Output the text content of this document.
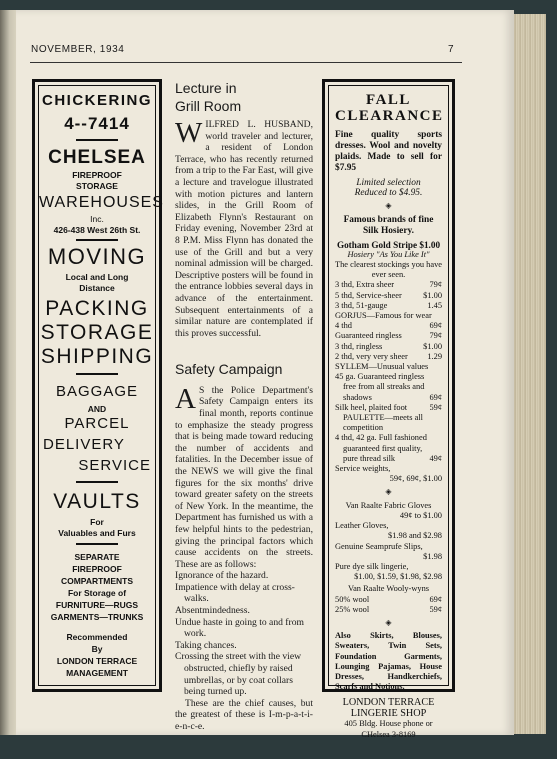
NOVEMBER, 1934	7
CHICKERING
4--7414
CHELSEA
FIREPROOF
STORAGE
WAREHOUSES
Inc.
426-438 West 26th St.
MOVING
Local and Long
Distance
PACKING
STORAGE
SHIPPING
BAGGAGE
AND
PARCEL
DELIVERY
SERVICE
VAULTS
For
Valuables and Furs
SEPARATE
FIREPROOF
COMPARTMENTS
For Storage of
FURNITURE—RUGS
GARMENTS—TRUNKS
Recommended
By
LONDON TERRACE
MANAGEMENT
Lecture in
Grill Room
WILFRED L. HUSBAND, world traveler and lecturer, a resident of London Terrace, who has recently returned from a trip to the Far East, will give a lecture and travelogue illustrated with motion pictures and lantern slides, in the Grill Room of Elizabeth Flynn's Restaurant on Friday evening, November 23rd at 8 P.M. Miss Flynn has donated the use of the Grill and but a very nominal admission will be charged. Descriptive posters will be found in the entrance lobbies several days in advance of the entertainment. Subsequent entertainments of a similar nature are contemplated if this proves successful.
Safety Campaign
A S the Police Department's Safety Campaign enters its final month, reports continue to emphasize the steady progress that is being made toward reducing the number of accidents and fatalities. In the December issue of the NEWS we will give the final figures for the six months' drive toward greater safety on the streets of New York. In the meantime, the Department has furnished us with a few helpful hints to the pedestrian, giving the principal factors which cause accidents on the streets. These are as follows:
Ignorance of the hazard.
Impatience with delay at cross-walks.
Absentmindedness.
Undue haste in going to and from work.
Taking chances.
Crossing the street with the view obstructed, chiefly by raised umbrellas, or by coat collars being turned up.
These are the chief causes, but the greatest of these is I-m-p-a-t-i-e-n-c-e.
FALL
CLEARANCE
Fine quality sports dresses. Wool and novelty plaids. Made to sell for $7.95
Limited selection
Reduced to $4.95.
◈
Famous brands of fine Silk Hosiery.
Gotham Gold Stripe $1.00
Hosiery "As You Like It"
The clearest stockings you have ever seen.
3 thd, Extra sheer	79¢
5 thd, Service-sheer	$1.00
3 thd, 51-gauge	1.45
GORJUS—Famous for wear
4 thd	69¢
Guaranteed ringless	79¢
3 thd, ringless	$1.00
2 thd, very very sheer 1.29
SYLLEM—Unusual values
45 ga. Guaranteed ringless free from all streaks and shadows	69¢
Silk heel, plaited foot	59¢
PAULETTE—meets all competition
4 thd, 42 ga. Full fashioned guaranteed first quality, pure thread silk	49¢
Service weights,
59¢, 69¢, $1.00
◈
Van Raalte Fabric Gloves
49¢ to $1.00
Leather Gloves,
$1.98 and $2.98
Genuine Seamprufe Slips,
$1.98
Pure dye silk lingerie,
$1.00, $1.59, $1.98, $2.98
Van Raalte Wooly-wyns
50% wool	69¢
25% wool	59¢
◈
Also Skirts, Blouses, Sweaters, Twin Sets, Foundation Garments, Lounging Pajamas, House Dresses, Handkerchiefs, Scarfs and Notions.
LONDON TERRACE
LINGERIE SHOP
405 Bldg. House phone or
CHelsea 3-8169
